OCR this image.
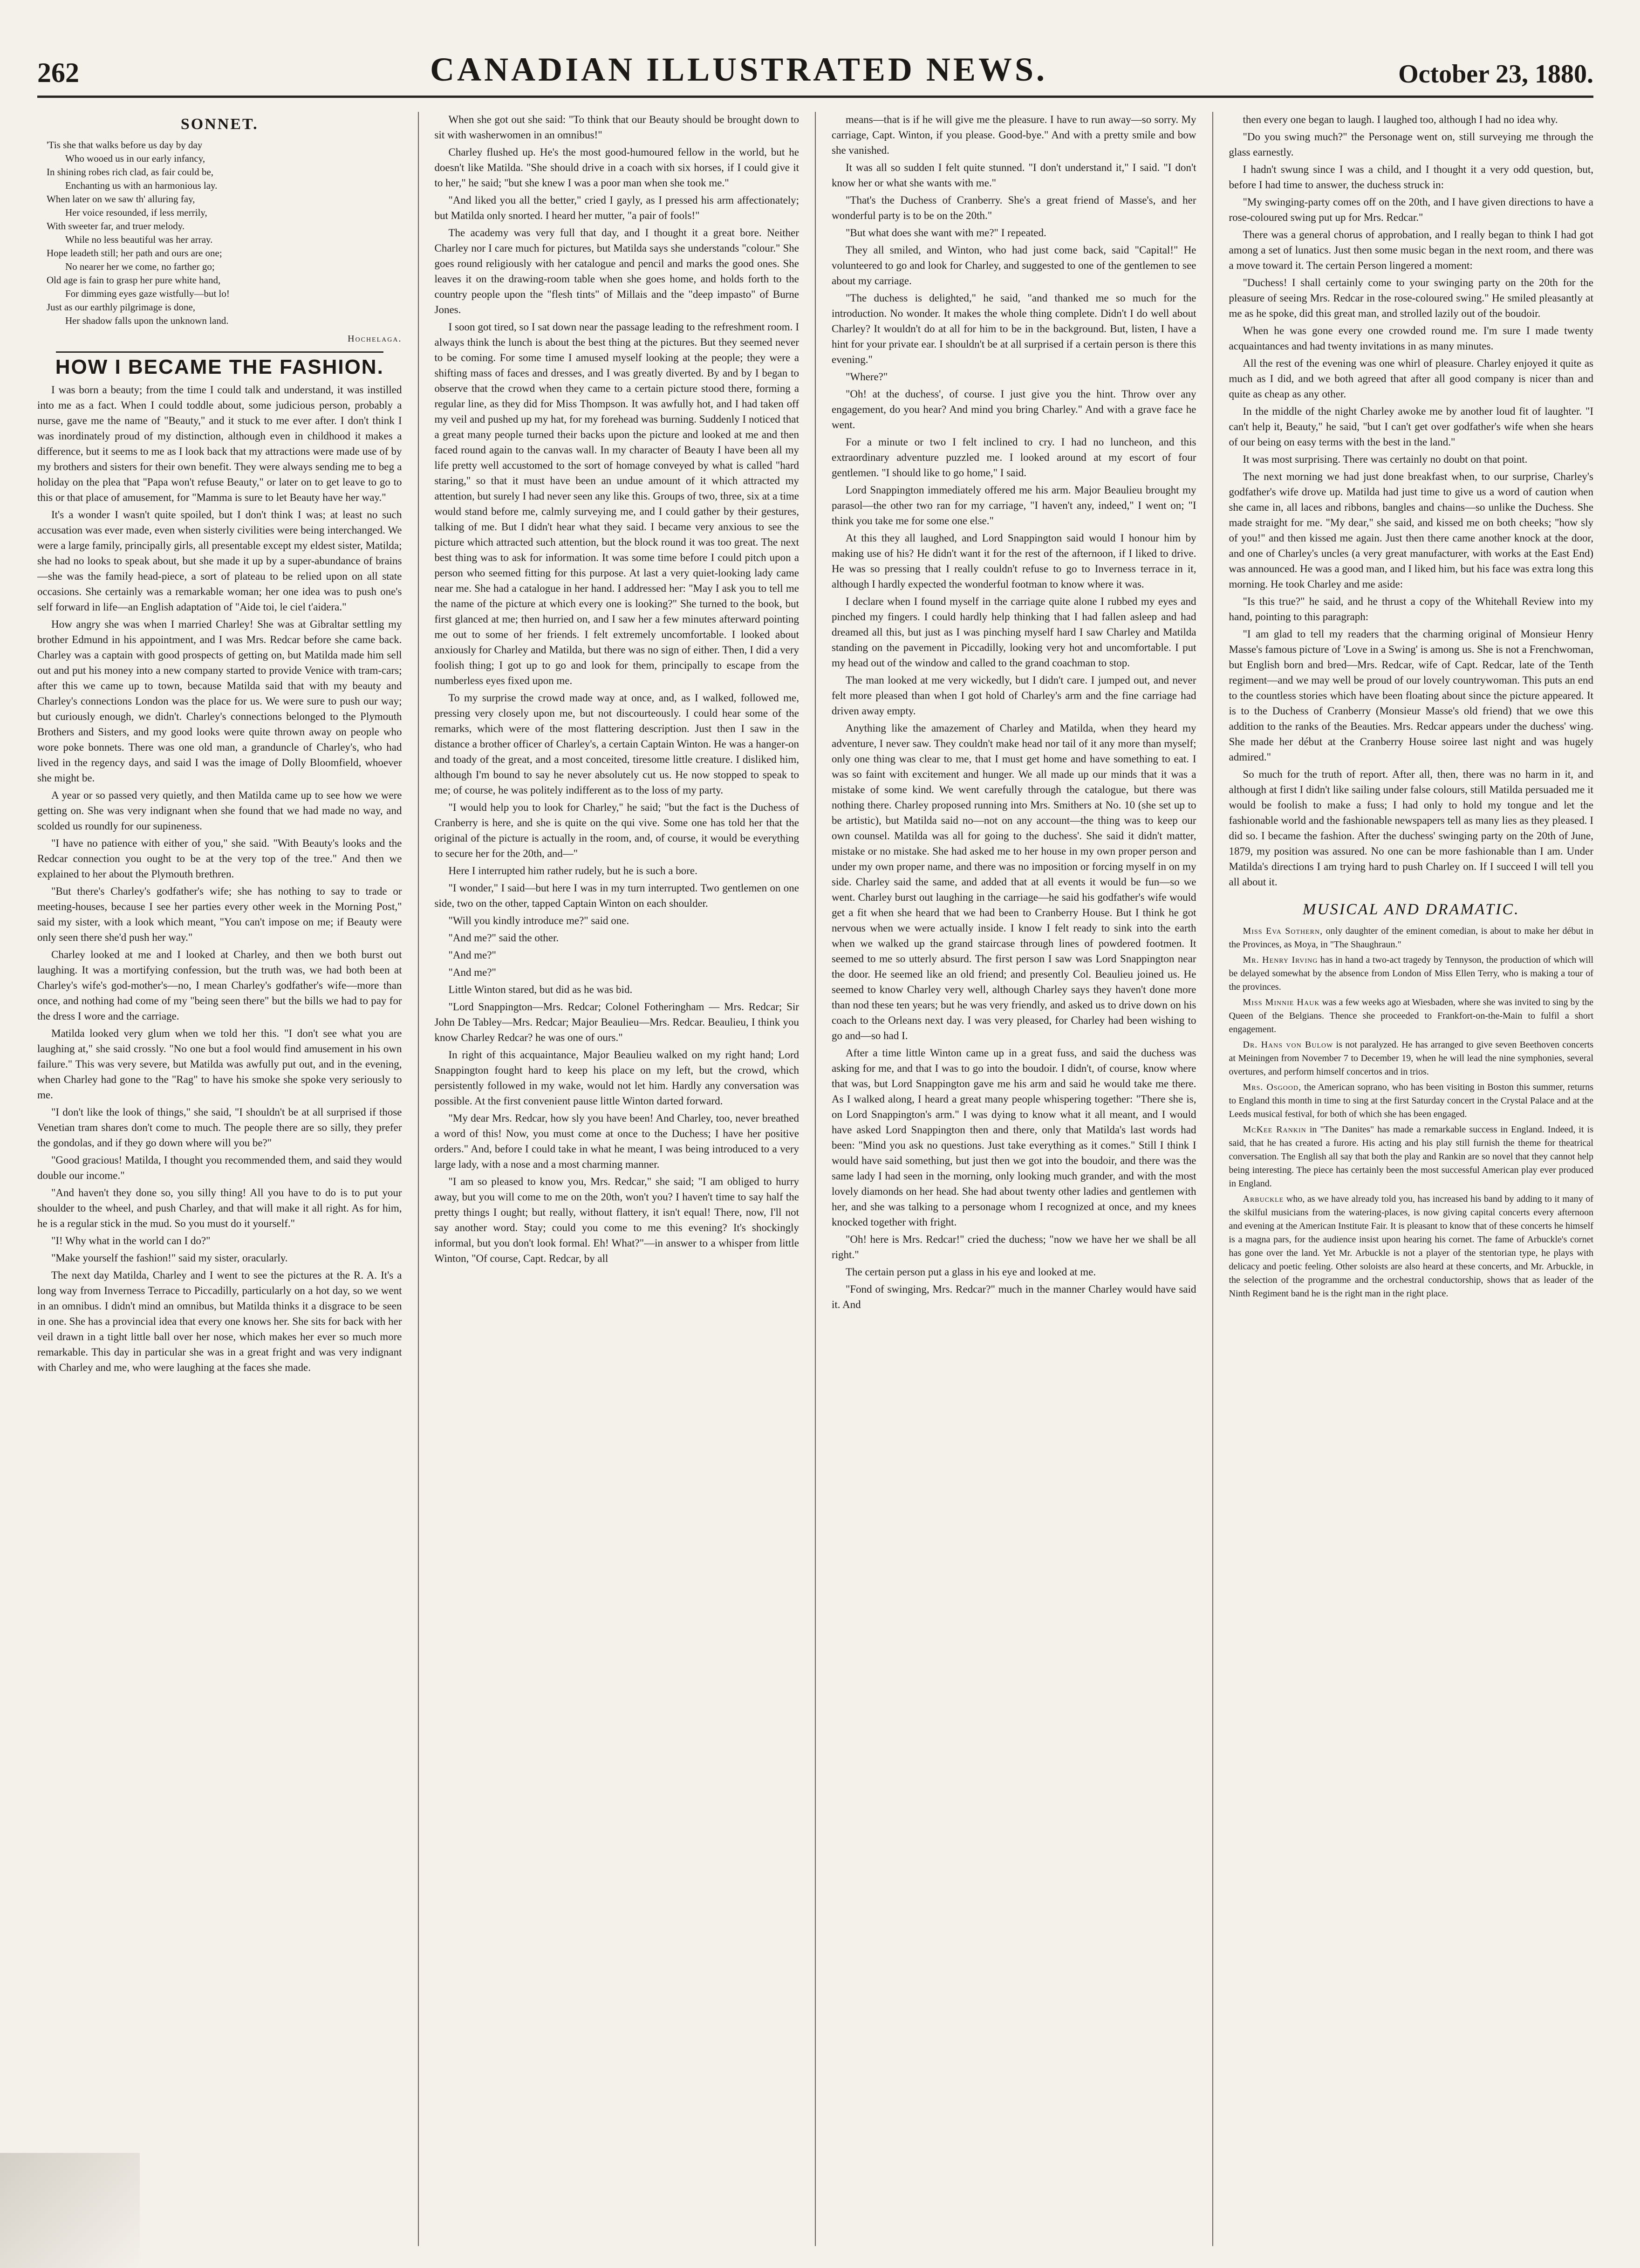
262	CANADIAN ILLUSTRATED NEWS.	October 23, 1880.
SONNET.
'Tis she that walks before us day by day
Who wooed us in our early infancy,
In shining robes rich clad, as fair could be,
Enchanting us with an harmonious lay.
When later on we saw th' alluring fay,
Her voice resounded, if less merrily,
With sweeter far, and truer melody.
While no less beautiful was her array.
Hope leadeth still; her path and ours are one;
No nearer her we come, no farther go;
Old age is fain to grasp her pure white hand,
For dimming eyes gaze wistfully—but lo!
Just as our earthly pilgrimage is done,
Her shadow falls upon the unknown land.
Hochelaga.
HOW I BECAME THE FASHION.

I was born a beauty; from the time I could talk and understand, it was instilled into me as a fact. When I could toddle about, some judicious person, probably a nurse, gave me the name of "Beauty," and it stuck to me ever after. I don't think I was inordinately proud of my distinction, although even in childhood it makes a difference, but it seems to me as I look back that my attractions were made use of by my brothers and sisters for their own benefit. They were always sending me to beg a holiday on the plea that "Papa won't refuse Beauty," or later on to get leave to go to this or that place of amusement, for "Mamma is sure to let Beauty have her way."

It's a wonder I wasn't quite spoiled, but I don't think I was; at least no such accusation was ever made, even when sisterly civilities were being interchanged. We were a large family, principally girls, all presentable except my eldest sister, Matilda; she had no looks to speak about, but she made it up by a super-abundance of brains—she was the family head-piece, a sort of plateau to be relied upon on all state occasions. She certainly was a remarkable woman; her one idea was to push one's self forward in life—an English adaptation of "Aide toi, le ciel t'aidera."

How angry she was when I married Charley! She was at Gibraltar settling my brother Edmund in his appointment, and I was Mrs. Redcar before she came back. Charley was a captain with good prospects of getting on, but Matilda made him sell out and put his money into a new company started to provide Venice with tram-cars; after this we came up to town, because Matilda said that with my beauty and Charley's connections London was the place for us. We were sure to push our way; but curiously enough, we didn't. Charley's connections belonged to the Plymouth Brothers and Sisters, and my good looks were quite thrown away on people who wore poke bonnets. There was one old man, a granduncle of Charley's, who had lived in the regency days, and said I was the image of Dolly Bloomfield, whoever she might be.

A year or so passed very quietly, and then Matilda came up to see how we were getting on. She was very indignant when she found that we had made no way, and scolded us roundly for our supineness.

"I have no patience with either of you," she said. "With Beauty's looks and the Redcar connection you ought to be at the very top of the tree." And then we explained to her about the Plymouth brethren.

"But there's Charley's godfather's wife; she has nothing to say to trade or meeting-houses, because I see her parties every other week in the Morning Post," said my sister, with a look which meant, "You can't impose on me; if Beauty were only seen there she'd push her way."

Charley looked at me and I looked at Charley, and then we both burst out laughing. It was a mortifying confession, but the truth was, we had both been at Charley's wife's god-mother's—no, I mean Charley's godfather's wife—more than once, and nothing had come of my "being seen there" but the bills we had to pay for the dress I wore and the carriage.

Matilda looked very glum when we told her this. "I don't see what you are laughing at," she said crossly. "No one but a fool would find amusement in his own failure." This was very severe, but Matilda was awfully put out, and in the evening, when Charley had gone to the "Rag" to have his smoke she spoke very seriously to me.

"I don't like the look of things," she said, "I shouldn't be at all surprised if those Venetian tram shares don't come to much. The people there are so silly, they prefer the gondolas, and if they go down where will you be?"

"Good gracious! Matilda, I thought you recommended them, and said they would double our income."

"And haven't they done so, you silly thing! All you have to do is to put your shoulder to the wheel, and push Charley, and that will make it all right. As for him, he is a regular stick in the mud. So you must do it yourself."

"I! Why what in the world can I do?"

"Make yourself the fashion!" said my sister, oracularly.

The next day Matilda, Charley and I went to see the pictures at the R. A. It's a long way from Inverness Terrace to Piccadilly, particularly on a hot day, so we went in an omnibus. I didn't mind an omnibus, but Matilda thinks it a disgrace to be seen in one. She has a provincial idea that every one knows her. She sits for back with her veil drawn in a tight little ball over her nose, which makes her ever so much more remarkable. This day in particular she was in a great fright and was very indignant with Charley and me, who were laughing at the faces she made.

When she got out she said: "To think that our Beauty should be brought down to sit with washerwomen in an omnibus!"

Charley flushed up. He's the most good-humoured fellow in the world, but he doesn't like Matilda. "She should drive in a coach with six horses, if I could give it to her," he said; "but she knew I was a poor man when she took me."

"And liked you all the better," cried I gayly, as I pressed his arm affectionately; but Matilda only snorted. I heard her mutter, "a pair of fools!"

The academy was very full that day, and I thought it a great bore. Neither Charley nor I care much for pictures, but Matilda says she understands "colour." She goes round religiously with her catalogue and pencil and marks the good ones. She leaves it on the drawing-room table when she goes home, and holds forth to the country people upon the "flesh tints" of Millais and the "deep impasto" of Burne Jones.

I soon got tired, so I sat down near the passage leading to the refreshment room. I always think the lunch is about the best thing at the pictures. But they seemed never to be coming. For some time I amused myself looking at the people; they were a shifting mass of faces and dresses, and I was greatly diverted. By and by I began to observe that the crowd when they came to a certain picture stood there, forming a regular line, as they did for Miss Thompson. It was awfully hot, and I had taken off my veil and pushed up my hat, for my forehead was burning. Suddenly I noticed that a great many people turned their backs upon the picture and looked at me and then faced round again to the canvas wall. In my character of Beauty I have been all my life pretty well accustomed to the sort of homage conveyed by what is called "hard staring," so that it must have been an undue amount of it which attracted my attention, but surely I had never seen any like this. Groups of two, three, six at a time would stand before me, calmly surveying me, and I could gather by their gestures, talking of me. But I didn't hear what they said. I became very anxious to see the picture which attracted such attention, but the block round it was too great. The next best thing was to ask for information. It was some time before I could pitch upon a person who seemed fitting for this purpose. At last a very quiet-looking lady came near me. She had a catalogue in her hand. I addressed her: "May I ask you to tell me the name of the picture at which every one is looking?" She turned to the book, but first glanced at me; then hurried on, and I saw her a few minutes afterward pointing me out to some of her friends. I felt extremely uncomfortable. I looked about anxiously for Charley and Matilda, but there was no sign of either. Then, I did a very foolish thing; I got up to go and look for them, principally to escape from the numberless eyes fixed upon me.

To my surprise the crowd made way at once, and, as I walked, followed me, pressing very closely upon me, but not discourteously. I could hear some of the remarks, which were of the most flattering description. Just then I saw in the distance a brother officer of Charley's, a certain Captain Winton. He was a hanger-on and toady of the great, and a most conceited, tiresome little creature. I disliked him, although I'm bound to say he never absolutely cut us. He now stopped to speak to me; of course, he was politely indifferent as to the loss of my party.

"I would help you to look for Charley," he said; "but the fact is the Duchess of Cranberry is here, and she is quite on the qui vive. Some one has told her that the original of the picture is actually in the room, and, of course, it would be everything to secure her for the 20th, and—"

Here I interrupted him rather rudely, but he is such a bore.

"I wonder," I said—but here I was in my turn interrupted. Two gentlemen on one side, two on the other, tapped Captain Winton on each shoulder.

"Will you kindly introduce me?" said one.

"And me?" said the other.

"And me?"

"And me?"

Little Winton stared, but did as he was bid.

"Lord Snappington—Mrs. Redcar; Colonel Fotheringham — Mrs. Redcar; Sir John De Tabley—Mrs. Redcar; Major Beaulieu—Mrs. Redcar. Beaulieu, I think you know Charley Redcar? he was one of ours."

In right of this acquaintance, Major Beaulieu walked on my right hand; Lord Snappington fought hard to keep his place on my left, but the crowd, which persistently followed in my wake, would not let him. Hardly any conversation was possible. At the first convenient pause little Winton darted forward.

"My dear Mrs. Redcar, how sly you have been! And Charley, too, never breathed a word of this! Now, you must come at once to the Duchess; I have her positive orders." And, before I could take in what he meant, I was being introduced to a very large lady, with a nose and a most charming manner.

"I am so pleased to know you, Mrs. Redcar," she said; "I am obliged to hurry away, but you will come to me on the 20th, won't you? I haven't time to say half the pretty things I ought; but really, without flattery, it isn't equal! There, now, I'll not say another word. Stay; could you come to me this evening? It's shockingly informal, but you don't look formal. Eh! What?"—in answer to a whisper from little Winton, "Of course, Capt. Redcar, by all

means—that is if he will give me the pleasure. I have to run away—so sorry. My carriage, Capt. Winton, if you please. Good-bye." And with a pretty smile and bow she vanished.

It was all so sudden I felt quite stunned. "I don't understand it," I said. "I don't know her or what she wants with me."

"That's the Duchess of Cranberry. She's a great friend of Masse's, and her wonderful party is to be on the 20th."

"But what does she want with me?" I repeated.

They all smiled, and Winton, who had just come back, said "Capital!" He volunteered to go and look for Charley, and suggested to one of the gentlemen to see about my carriage.

"The duchess is delighted," he said, "and thanked me so much for the introduction. No wonder. It makes the whole thing complete. Didn't I do well about Charley? It wouldn't do at all for him to be in the background. But, listen, I have a hint for your private ear. I shouldn't be at all surprised if a certain person is there this evening."

"Where?"

"Oh! at the duchess', of course. I just give you the hint. Throw over any engagement, do you hear? And mind you bring Charley." And with a grave face he went.

For a minute or two I felt inclined to cry. I had no luncheon, and this extraordinary adventure puzzled me. I looked around at my escort of four gentlemen. "I should like to go home," I said.

Lord Snappington immediately offered me his arm. Major Beaulieu brought my parasol—the other two ran for my carriage, "I haven't any, indeed," I went on; "I think you take me for some one else."

At this they all laughed, and Lord Snappington said would I honour him by making use of his? He didn't want it for the rest of the afternoon, if I liked to drive. He was so pressing that I really couldn't refuse to go to Inverness terrace in it, although I hardly expected the wonderful footman to know where it was.

I declare when I found myself in the carriage quite alone I rubbed my eyes and pinched my fingers. I could hardly help thinking that I had fallen asleep and had dreamed all this, but just as I was pinching myself hard I saw Charley and Matilda standing on the pavement in Piccadilly, looking very hot and uncomfortable. I put my head out of the window and called to the grand coachman to stop.

The man looked at me very wickedly, but I didn't care. I jumped out, and never felt more pleased than when I got hold of Charley's arm and the fine carriage had driven away empty.

Anything like the amazement of Charley and Matilda, when they heard my adventure, I never saw. They couldn't make head nor tail of it any more than myself; only one thing was clear to me, that I must get home and have something to eat. I was so faint with excitement and hunger. We all made up our minds that it was a mistake of some kind. We went carefully through the catalogue, but there was nothing there. Charley proposed running into Mrs. Smithers at No. 10 (she set up to be artistic), but Matilda said no—not on any account—the thing was to keep our own counsel. Matilda was all for going to the duchess'. She said it didn't matter, mistake or no mistake. She had asked me to her house in my own proper person and under my own proper name, and there was no imposition or forcing myself in on my side. Charley said the same, and added that at all events it would be fun—so we went. Charley burst out laughing in the carriage—he said his godfather's wife would get a fit when she heard that we had been to Cranberry House. But I think he got nervous when we were actually inside. I know I felt ready to sink into the earth when we walked up the grand staircase through lines of powdered footmen. It seemed to me so utterly absurd. The first person I saw was Lord Snappington near the door. He seemed like an old friend; and presently Col. Beaulieu joined us. He seemed to know Charley very well, although Charley says they haven't done more than nod these ten years; but he was very friendly, and asked us to drive down on his coach to the Orleans next day. I was very pleased, for Charley had been wishing to go and—so had I.

After a time little Winton came up in a great fuss, and said the duchess was asking for me, and that I was to go into the boudoir. I didn't, of course, know where that was, but Lord Snappington gave me his arm and said he would take me there. As I walked along, I heard a great many people whispering together: "There she is, on Lord Snappington's arm." I was dying to know what it all meant, and I would have asked Lord Snappington then and there, only that Matilda's last words had been: "Mind you ask no questions. Just take everything as it comes." Still I think I would have said something, but just then we got into the boudoir, and there was the same lady I had seen in the morning, only looking much grander, and with the most lovely diamonds on her head. She had about twenty other ladies and gentlemen with her, and she was talking to a personage whom I recognized at once, and my knees knocked together with fright.

"Oh! here is Mrs. Redcar!" cried the duchess; "now we have her we shall be all right."

The certain person put a glass in his eye and looked at me.

"Fond of swinging, Mrs. Redcar?" much in the manner Charley would have said it. And

then every one began to laugh. I laughed too, although I had no idea why.

"Do you swing much?" the Personage went on, still surveying me through the glass earnestly.

I hadn't swung since I was a child, and I thought it a very odd question, but, before I had time to answer, the duchess struck in:

"My swinging-party comes off on the 20th, and I have given directions to have a rose-coloured swing put up for Mrs. Redcar."

There was a general chorus of approbation, and I really began to think I had got among a set of lunatics. Just then some music began in the next room, and there was a move toward it. The certain Person lingered a moment:

"Duchess! I shall certainly come to your swinging party on the 20th for the pleasure of seeing Mrs. Redcar in the rose-coloured swing." He smiled pleasantly at me as he spoke, did this great man, and strolled lazily out of the boudoir.

When he was gone every one crowded round me. I'm sure I made twenty acquaintances and had twenty invitations in as many minutes.

All the rest of the evening was one whirl of pleasure. Charley enjoyed it quite as much as I did, and we both agreed that after all good company is nicer than and quite as cheap as any other.

In the middle of the night Charley awoke me by another loud fit of laughter. "I can't help it, Beauty," he said, "but I can't get over godfather's wife when she hears of our being on easy terms with the best in the land."

It was most surprising. There was certainly no doubt on that point.

The next morning we had just done breakfast when, to our surprise, Charley's godfather's wife drove up. Matilda had just time to give us a word of caution when she came in, all laces and ribbons, bangles and chains—so unlike the Duchess. She made straight for me. "My dear," she said, and kissed me on both cheeks; "how sly of you!" and then kissed me again. Just then there came another knock at the door, and one of Charley's uncles (a very great manufacturer, with works at the East End) was announced. He was a good man, and I liked him, but his face was extra long this morning. He took Charley and me aside:

"Is this true?" he said, and he thrust a copy of the Whitehall Review into my hand, pointing to this paragraph:

"I am glad to tell my readers that the charming original of Monsieur Henry Masse's famous picture of 'Love in a Swing' is among us. She is not a Frenchwoman, but English born and bred—Mrs. Redcar, wife of Capt. Redcar, late of the Tenth regiment—and we may well be proud of our lovely countrywoman. This puts an end to the countless stories which have been floating about since the picture appeared. It is to the Duchess of Cranberry (Monsieur Masse's old friend) that we owe this addition to the ranks of the Beauties. Mrs. Redcar appears under the duchess' wing. She made her début at the Cranberry House soiree last night and was hugely admired."

So much for the truth of report. After all, then, there was no harm in it, and although at first I didn't like sailing under false colours, still Matilda persuaded me it would be foolish to make a fuss; I had only to hold my tongue and let the fashionable world and the fashionable newspapers tell as many lies as they pleased. I did so. I became the fashion. After the duchess' swinging party on the 20th of June, 1879, my position was assured. No one can be more fashionable than I am. Under Matilda's directions I am trying hard to push Charley on. If I succeed I will tell you all about it.

MUSICAL AND DRAMATIC.

Miss Eva Sothern, only daughter of the eminent comedian, is about to make her début in the Provinces, as Moya, in "The Shaughraun."

Mr. Henry Irving has in hand a two-act tragedy by Tennyson, the production of which will be delayed somewhat by the absence from London of Miss Ellen Terry, who is making a tour of the provinces.

Miss Minnie Hauk was a few weeks ago at Wiesbaden, where she was invited to sing by the Queen of the Belgians. Thence she proceeded to Frankfort-on-the-Main to fulfil a short engagement.

Dr. Hans von Bulow is not paralyzed. He has arranged to give seven Beethoven concerts at Meiningen from November 7 to December 19, when he will lead the nine symphonies, several overtures, and perform himself concertos and in trios.

Mrs. Osgood, the American soprano, who has been visiting in Boston this summer, returns to England this month in time to sing at the first Saturday concert in the Crystal Palace and at the Leeds musical festival, for both of which she has been engaged.

McKee Rankin in "The Danites" has made a remarkable success in England. Indeed, it is said, that he has created a furore. His acting and his play still furnish the theme for theatrical conversation. The English all say that both the play and Rankin are so novel that they cannot help being interesting. The piece has certainly been the most successful American play ever produced in England.

Arbuckle who, as we have already told you, has increased his band by adding to it many of the skilful musicians from the watering-places, is now giving capital concerts every afternoon and evening at the American Institute Fair. It is pleasant to know that of these concerts he himself is a magna pars, for the audience insist upon hearing his cornet. The fame of Arbuckle's cornet has gone over the land. Yet Mr. Arbuckle is not a player of the stentorian type, he plays with delicacy and poetic feeling. Other soloists are also heard at these concerts, and Mr. Arbuckle, in the selection of the programme and the orchestral conductorship, shows that as leader of the Ninth Regiment band he is the right man in the right place.
